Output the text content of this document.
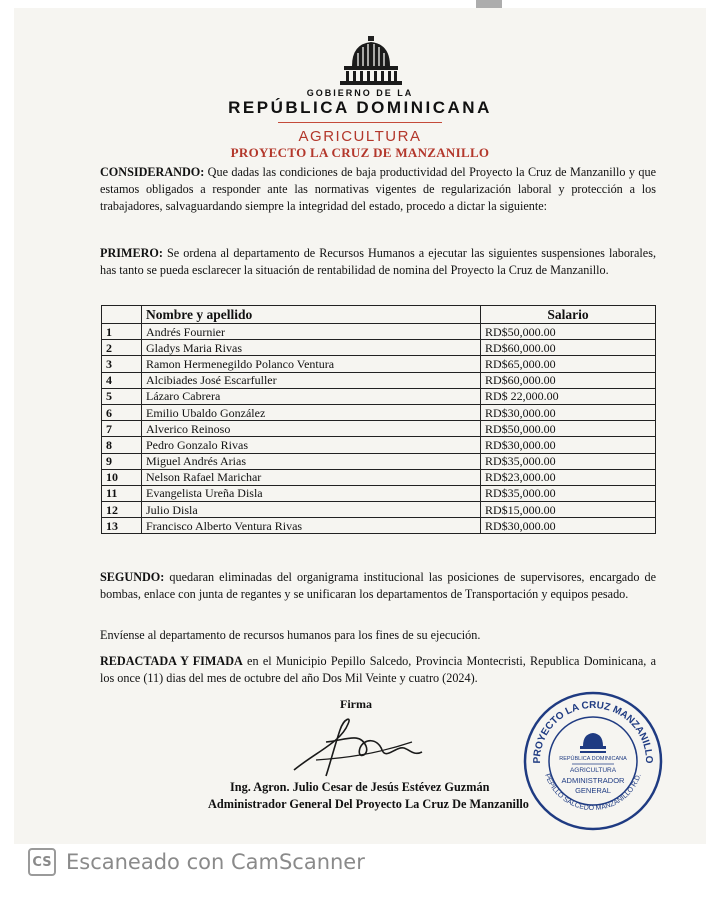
GOBIERNO DE LA
REPÚBLICA DOMINICANA
AGRICULTURA
PROYECTO LA CRUZ DE MANZANILLO

CONSIDERANDO: Que dadas las condiciones de baja productividad del Proyecto la Cruz de Manzanillo y que estamos obligados a responder ante las normativas vigentes de regularización laboral y protección a los trabajadores, salvaguardando siempre la integridad del estado, procedo a dictar la siguiente:

PRIMERO: Se ordena al departamento de Recursos Humanos a ejecutar las siguientes suspensiones laborales, has tanto se pueda esclarecer la situación de rentabilidad de nomina del Proyecto la Cruz de Manzanillo.

	Nombre y apellido	Salario
1	Andrés Fournier	RD$50,000.00
2	Gladys Maria Rivas	RD$60,000.00
3	Ramon Hermenegildo Polanco Ventura	RD$65,000.00
4	Alcibiades José Escarfuller	RD$60,000.00
5	Lázaro Cabrera	RD$ 22,000.00
6	Emilio Ubaldo González	RD$30,000.00
7	Alverico Reinoso	RD$50,000.00
8	Pedro Gonzalo Rivas	RD$30,000.00
9	Miguel Andrés Arias	RD$35,000.00
10	Nelson Rafael Marichar	RD$23,000.00
11	Evangelista Ureña Disla	RD$35,000.00
12	Julio Disla	RD$15,000.00
13	Francisco Alberto Ventura Rivas	RD$30,000.00

SEGUNDO: quedaran eliminadas del organigrama institucional las posiciones de supervisores, encargado de bombas, enlace con junta de regantes y se unificaran los departamentos de Transportación y equipos pesado.

Envíense al departamento de recursos humanos para los fines de su ejecución.

REDACTADA Y FIMADA en el Municipio Pepillo Salcedo, Provincia Montecristi, Republica Dominicana, a los once (11) dias del mes de octubre del año Dos Mil Veinte y cuatro (2024).

Firma
Ing. Agron. Julio Cesar de Jesús Estévez Guzmán
Administrador General Del Proyecto La Cruz De Manzanillo
PROYECTO LA CRUZ MANZANILLO
PEPILLO SALCEDO MANZANILLO R.D.
REPÚBLICA DOMINICANA
AGRICULTURA
ADMINISTRADOR
GENERAL
CS Escaneado con CamScanner
